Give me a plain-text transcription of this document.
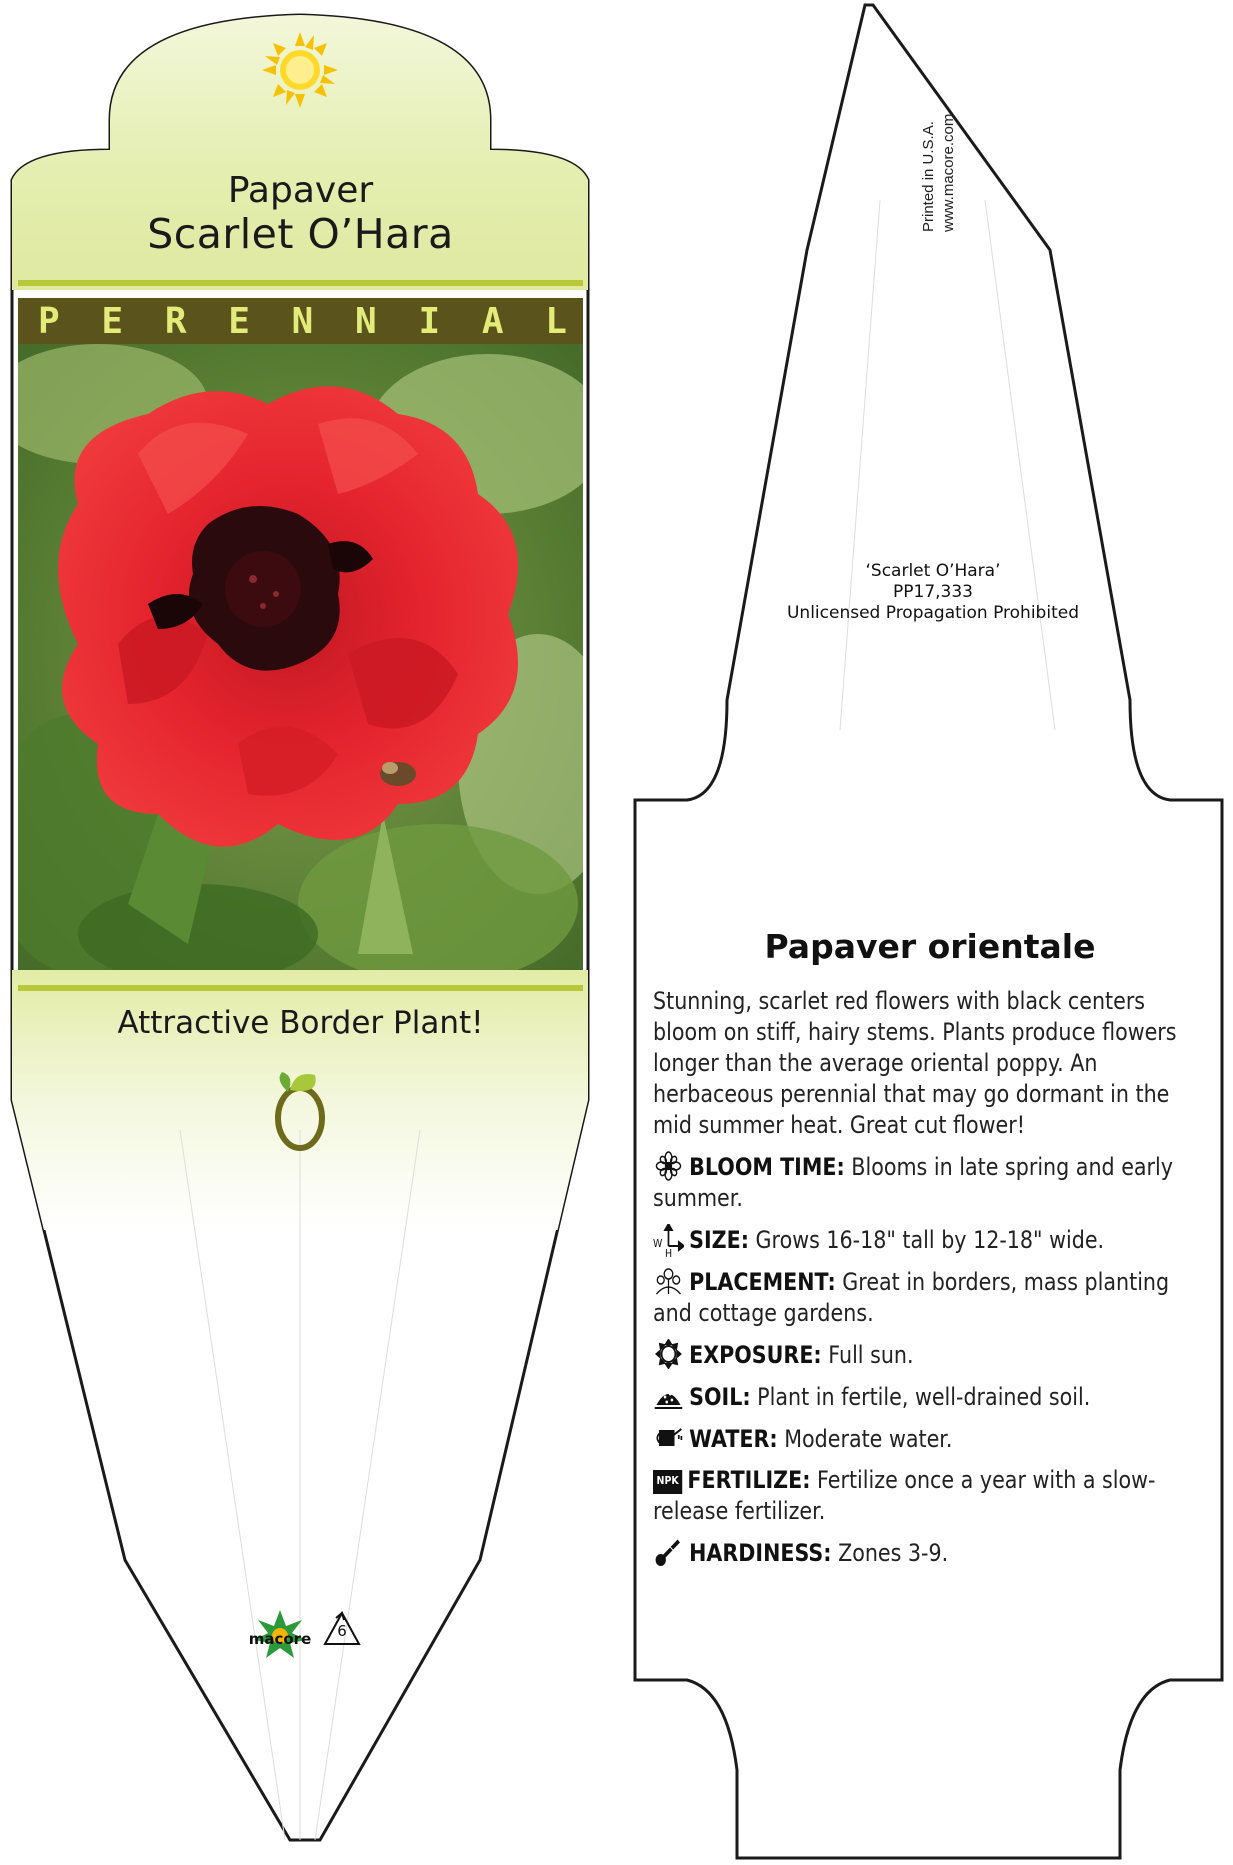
Papaver
Scarlet O’Hara
P E R E N N I A L
Attractive Border Plant!
macore	6
Printed in U.S.A. www.macore.com
‘Scarlet O’Hara’
PP17,333
Unlicensed Propagation Prohibited
Papaver orientale
Stunning, scarlet red flowers with black centers bloom on stiff, hairy stems. Plants produce flowers longer than the average oriental poppy. An herbaceous perennial that may go dormant in the mid summer heat. Great cut flower!
BLOOM TIME: Blooms in late spring and early summer.
W
H SIZE: Grows 16-18" tall by 12-18" wide.
PLACEMENT: Great in borders, mass planting and cottage gardens.
EXPOSURE: Full sun.
SOIL: Plant in fertile, well-drained soil.
WATER: Moderate water.
NPK FERTILIZE: Fertilize once a year with a slow-release fertilizer.
HARDINESS: Zones 3-9.
